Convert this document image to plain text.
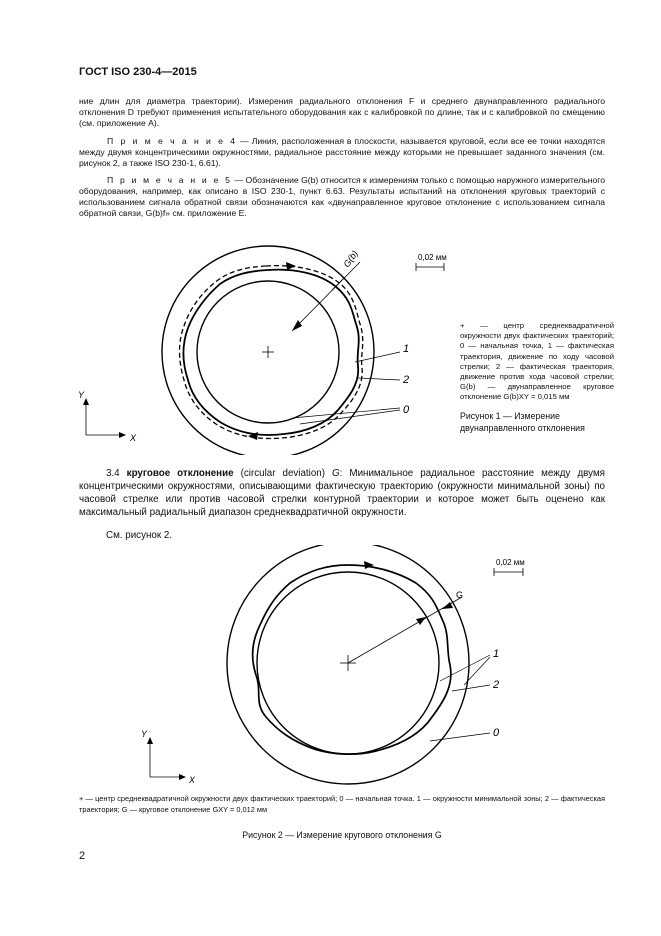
ГОСТ ISO 230-4—2015
ние длин для диаметра траектории). Измерения радиального отклонения F и среднего двунаправленного радиального отклонения D требуют применения испытательного оборудования как с калибровкой по длине, так и с калибровкой по смещению (см. приложение А).
П р и м е ч а н и е 4 — Линия, расположенная в плоскости, называется круговой, если все ее точки находятся между двумя концентрическими окружностями, радиальное расстояние между которыми не превышает заданного значения (см. рисунок 2, а также ISO 230-1, 6.61).
П р и м е ч а н и е 5 — Обозначение G(b) относится к измерениям только с помощью наружного измерительного оборудования, например, как описано в ISO 230-1, пункт 6.63. Результаты испытаний на отклонения круговых траекторий с использованием сигнала обратной связи обозначаются как «двунаправленное круговое отклонение с использованием сигнала обратной связи, G(b)f» см. приложение Е.
G(b)	0,02 мм
1
2
0
X
Y
+ — центр среднеквадратичной окружности двух фактических траекторий; 0 — начальная точка, 1 — фактическая траектория, движение по ходу часовой стрелки; 2 — фактическая траектория, движение против хода часовой стрелки; G(b) — двунаправленное круговое отклонение G(b)XY = 0,015 мм
Рисунок 1 — Измерение двунаправленного отклонения
3.4 круговое отклонение (circular deviation) G: Минимальное радиальное расстояние между двумя концентрическими окружностями, описывающими фактическую траекторию (окружности минимальной зоны) по часовой стрелке или против часовой стрелки контурной траектории и которое может быть оценено как максимальный радиальный диапазон среднеквадратичной окружности.
См. рисунок 2.
G
0,02 мм
1
2
0
X
Y
+ — центр среднеквадратичной окружности двух фактических траекторий; 0 — начальная точка. 1 — окружности минимальной зоны; 2 — фактическая траектория; G — круговое отклонение GXY = 0,012 мм
Рисунок 2 — Измерение кругового отклонения G
2
